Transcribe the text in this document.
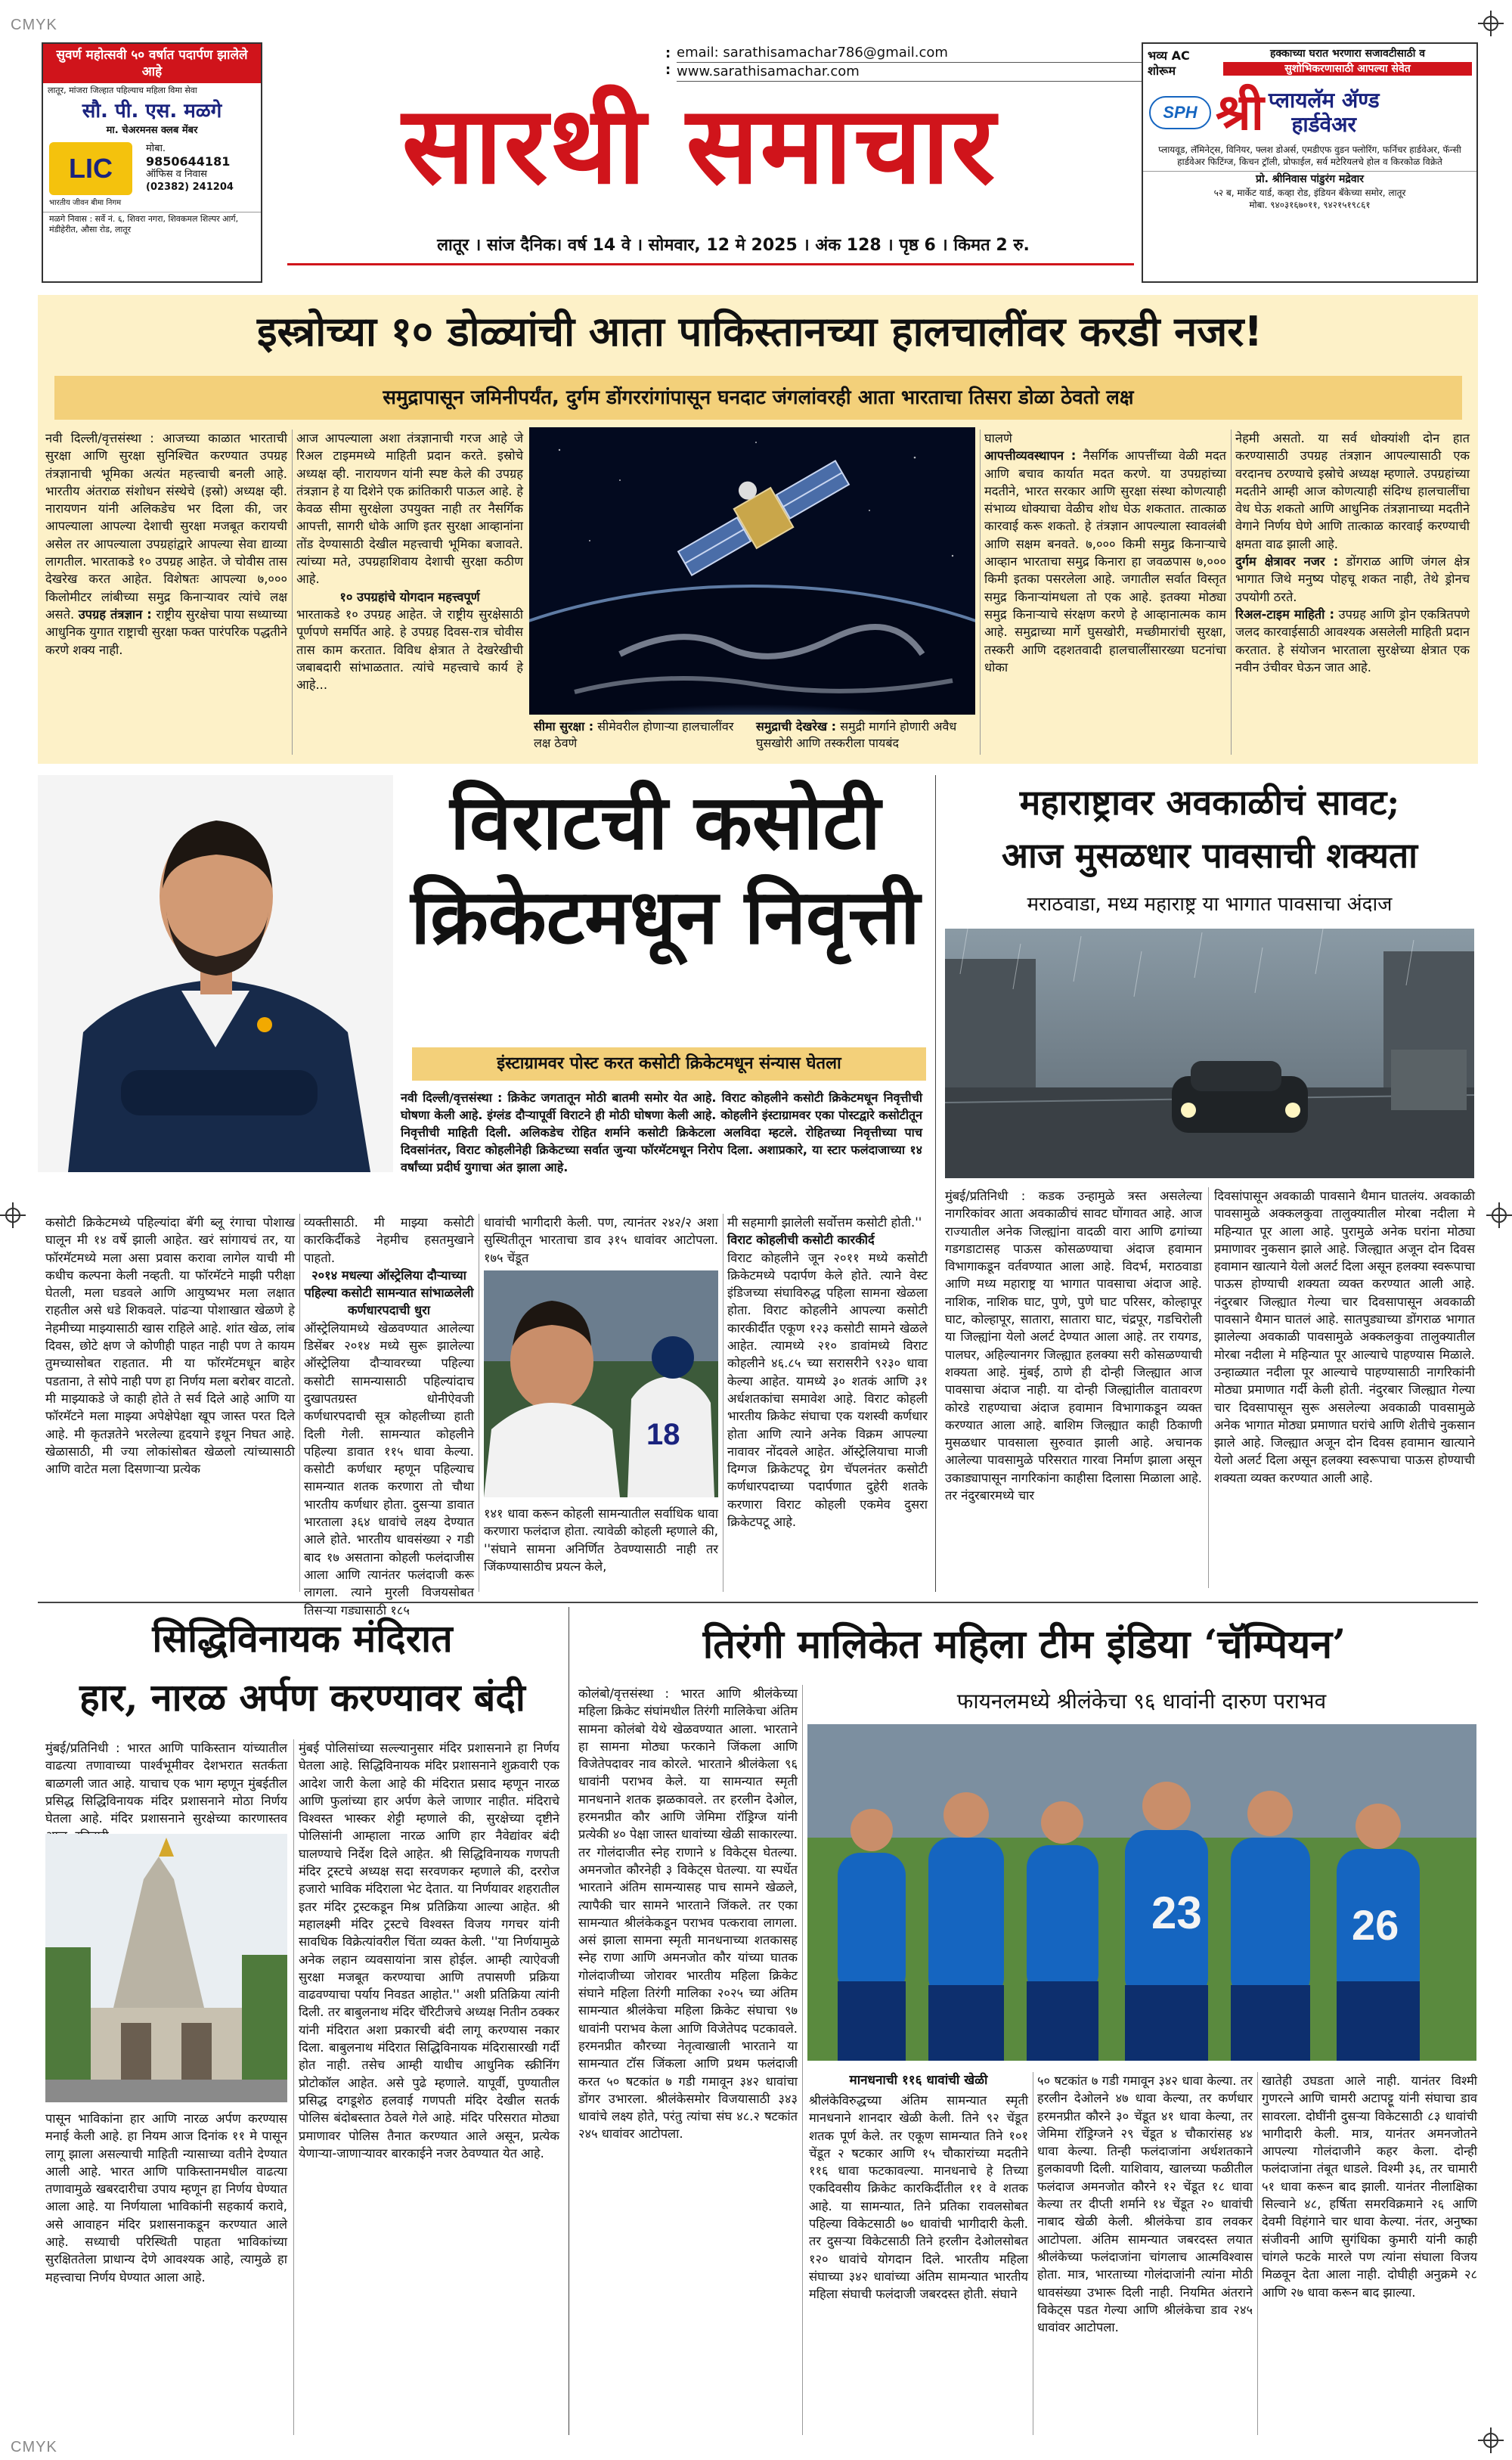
CMYK
CMYK
सुवर्ण महोत्सवी ५० वर्षात पदार्पण झालेले आहे
लातूर, मांजरा जिल्हात पहिल्याच महिला विमा सेवा
सौ. पी. एस. मळगे
मा. चेअरमनस क्लब मेंबर
LIC
भारतीय जीवन बीमा निगम
मोबा.
9850644181
ऑफिस व निवास
(02382) 241204
मळगे निवास : सर्वे नं. ६, शिवरा नगरा, शिवकमल शिल्पर आर्ग, मंडीहेरीत, औसा रोड, लातूर
email: sarathisamachar786@gmail.com
www.sarathisamachar.com
:
:
सारथी समाचार
लातूर । सांज दैनिक। वर्ष 14 वे । सोमवार, 12 मे 2025 । अंक 128 । पृष्ठ 6 । किमत 2 रु.
भव्य AC शोरूम
हक्काच्या घरात भरणारा सजावटीसाठी व
सुशोभिकरणासाठी आपल्या सेवेत
SPH श्री प्लायलॅम ॲण्ड
हार्डवेअर
प्लायवूड, लॅमिनेट्स, विनियर, फ्लश डोअर्स, एमडीएफ वुडन फ्लोरिंग, फर्निचर हार्डवेअर, फॅन्सी हार्डवेअर फिटिंग्ज, किचन ट्रॉली, प्रोफाईल, सर्व मटेरियलचे होल व किरकोळ विक्रेते
प्रो. श्रीनिवास पांडुरंग मद्रेवार
५२ ब, मार्केट यार्ड, कव्हा रोड, इंडियन बँकेच्या समोर, लातूर
मोबा. ९४०३१६७०११, ९४२१५१९८६१
इस्त्रोच्या १० डोळ्यांची आता पाकिस्तानच्या हालचालींवर करडी नजर!
समुद्रापासून जमिनीपर्यंत, दुर्गम डोंगररांगांपासून घनदाट जंगलांवरही आता भारताचा तिसरा डोळा ठेवतो लक्ष
नवी दिल्ली/वृत्तसंस्था : आजच्या काळात भारताची सुरक्षा आणि सुरक्षा सुनिश्चित करण्यात उपग्रह तंत्रज्ञानाची भूमिका अत्यंत महत्त्वाची बनली आहे. भारतीय अंतराळ संशोधन संस्थेचे (इस्रो) अध्यक्ष व्ही. नारायणन यांनी अलिकडेच भर दिला की, जर आपल्याला आपल्या देशाची सुरक्षा मजबूत करायची असेल तर आपल्याला उपग्रहांद्वारे आपल्या सेवा द्याव्या लागतील. भारताकडे १० उपग्रह आहेत. जे चोवीस तास देखरेख करत आहेत. विशेषतः आपल्या ७,००० किलोमीटर लांबीच्या समुद्र किनाऱ्यावर त्यांचे लक्ष असते. उपग्रह तंत्रज्ञान : राष्ट्रीय सुरक्षेचा पाया सध्याच्या आधुनिक युगात राष्ट्राची सुरक्षा फक्त पारंपरिक पद्धतीने करणे शक्य नाही.
आज आपल्याला अशा तंत्रज्ञानाची गरज आहे जे रिअल टाइममध्ये माहिती प्रदान करते. इस्रोचे अध्यक्ष व्ही. नारायणन यांनी स्पष्ट केले की उपग्रह तंत्रज्ञान हे या दिशेने एक क्रांतिकारी पाऊल आहे. हे केवळ सीमा सुरक्षेला उपयुक्त नाही तर नैसर्गिक आपत्ती, सागरी धोके आणि इतर सुरक्षा आव्हानांना तोंड देण्यासाठी देखील महत्त्वाची भूमिका बजावते. त्यांच्या मते, उपग्रहाशिवाय देशाची सुरक्षा कठीण आहे.

१० उपग्रहांचे योगदान महत्त्वपूर्ण
भारताकडे १० उपग्रह आहेत. जे राष्ट्रीय सुरक्षेसाठी पूर्णपणे समर्पित आहे. हे उपग्रह दिवस-रात्र चोवीस तास काम करतात. विविध क्षेत्रात ते देखरेखीची जबाबदारी सांभाळतात. त्यांचे महत्त्वाचे कार्य हे आहे...
सीमा सुरक्षा : सीमेवरील होणाऱ्या हालचालींवर लक्ष ठेवणे
समुद्राची देखरेख : समुद्री मार्गाने होणारी अवैध घुसखोरी आणि तस्करीला पायबंद
घालणे
आपत्तीव्यवस्थापन : नैसर्गिक आपत्तींच्या वेळी मदत आणि बचाव कार्यात मदत करणे. या उपग्रहांच्या मदतीने, भारत सरकार आणि सुरक्षा संस्था कोणत्याही संभाव्य धोक्याचा वेळीच शोध घेऊ शकतात. तात्काळ कारवाई करू शकतो. हे तंत्रज्ञान आपल्याला स्वावलंबी आणि सक्षम बनवते. ७,००० किमी समुद्र किनाऱ्याचे आव्हान भारताचा समुद्र किनारा हा जवळपास ७,००० किमी इतका पसरलेला आहे. जगातील सर्वात विस्तृत समुद्र किनाऱ्यांमधला तो एक आहे. इतक्या मोठ्या समुद्र किनाऱ्याचे संरक्षण करणे हे आव्हानात्मक काम आहे. समुद्राच्या मार्गे घुसखोरी, मच्छीमारांची सुरक्षा, तस्करी आणि दहशतवादी हालचालींसारख्या घटनांचा धोका
नेहमी असतो. या सर्व धोक्यांशी दोन हात करण्यासाठी उपग्रह तंत्रज्ञान आपल्यासाठी एक वरदानच ठरण्याचे इस्रोचे अध्यक्ष म्हणाले. उपग्रहांच्या मदतीने आम्ही आज कोणत्याही संदिग्ध हालचालींचा वेध घेऊ शकतो आणि आधुनिक तंत्रज्ञानाच्या मदतीने वेगाने निर्णय घेणे आणि तात्काळ कारवाई करण्याची क्षमता वाढ झाली आहे.
दुर्गम क्षेत्रावर नजर : डोंगराळ आणि जंगल क्षेत्र भागात जिथे मनुष्य पोहचू शकत नाही, तेथे ड्रोनच उपयोगी ठरते.
रिअल-टाइम माहिती : उपग्रह आणि ड्रोन एकत्रितपणे जलद कारवाईसाठी आवश्यक असलेली माहिती प्रदान करतात. हे संयोजन भारताला सुरक्षेच्या क्षेत्रात एक नवीन उंचीवर घेऊन जात आहे.
विराटची कसोटी
क्रिकेटमधून निवृत्ती
इंस्टाग्रामवर पोस्ट करत कसोटी क्रिकेटमधून संन्यास घेतला
नवी दिल्ली/वृत्तसंस्था : क्रिकेट जगतातून मोठी बातमी समोर येत आहे. विराट कोहलीने कसोटी क्रिकेटमधून निवृत्तीची घोषणा केली आहे. इंग्लंड दौऱ्यापूर्वी विराटने ही मोठी घोषणा केली आहे. कोहलीने इंस्टाग्रामवर एका पोस्टद्वारे कसोटीतून निवृत्तीची माहिती दिली. अलिकडेच रोहित शर्माने कसोटी क्रिकेटला अलविदा म्हटले. रोहितच्या निवृत्तीच्या पाच दिवसांनंतर, विराट कोहलीनेही क्रिकेटच्या सर्वात जुन्या फॉरमॅटमधून निरोप दिला. अशाप्रकारे, या स्टार फलंदाजाच्या १४ वर्षांच्या प्रदीर्घ युगाचा अंत झाला आहे.
कसोटी क्रिकेटमध्ये पहिल्यांदा बॅगी ब्लू रंगाचा पोशाख घालून मी १४ वर्षे झाली आहेत. खरं सांगायचं तर, या फॉरमॅटमध्ये मला असा प्रवास करावा लागेल याची मी कधीच कल्पना केली नव्हती. या फॉरमॅटने माझी परीक्षा घेतली, मला घडवले आणि आयुष्यभर मला लक्षात राहतील असे धडे शिकवले. पांढऱ्या पोशाखात खेळणे हे नेहमीच्या माझ्यासाठी खास राहिले आहे. शांत खेळ, लांब दिवस, छोटे क्षण जे कोणीही पाहत नाही पण ते कायम तुमच्यासोबत राहतात. मी या फॉरमॅटमधून बाहेर पडताना, ते सोपे नाही पण हा निर्णय मला बरोबर वाटतो. मी माझ्याकडे जे काही होते ते सर्व दिले आहे आणि या फॉरमॅटने मला माझ्या अपेक्षेपेक्षा खूप जास्त परत दिले आहे. मी कृतज्ञतेने भरलेल्या हृदयाने इथून निघत आहे. खेळासाठी, मी ज्या लोकांसोबत खेळलो त्यांच्यासाठी आणि वाटेत मला दिसणाऱ्या प्रत्येक
व्यक्तीसाठी. मी माझ्या कसोटी कारकिर्दीकडे नेहमीच हसतमुखाने पाहतो.

२०१४ मधल्या ऑस्ट्रेलिया दौऱ्याच्या पहिल्या कसोटी सामन्यात सांभाळलेली कर्णधारपदाची धुरा
ऑस्ट्रेलियामध्ये खेळवण्यात आलेल्या डिसेंबर २०१४ मध्ये सुरू झालेल्या ऑस्ट्रेलिया दौऱ्यावरच्या पहिल्या कसोटी सामन्यासाठी पहिल्यांदाच दुखापतग्रस्त धोनीऐवजी कर्णधारपदाची सूत्र कोहलीच्या हाती दिली गेली. सामन्यात कोहलीने पहिल्या डावात ११५ धावा केल्या. कसोटी कर्णधार म्हणून पहिल्याच सामन्यात शतक करणारा तो चौथा भारतीय कर्णधार होता. दुसऱ्या डावात भारताला ३६४ धावांचे लक्ष्य देण्यात आले होते. भारतीय धावसंख्या २ गडी बाद १७ असताना कोहली फलंदाजीस आला आणि त्यानंतर फलंदाजी करू लागला. त्याने मुरली विजयसोबत तिसऱ्या गड्यासाठी १८५
धावांची भागीदारी केली. पण, त्यानंतर २४२/२ अशा सुस्थितीतून भारताचा डाव ३१५ धावांवर आटोपला. १७५ चेंडूत
18
१४१ धावा करून कोहली सामन्यातील सर्वाधिक धावा करणारा फलंदाज होता. त्यावेळी कोहली म्हणाले की, ''संघाने सामना अनिर्णित ठेवण्यासाठी नाही तर जिंकण्यासाठीच प्रयत्न केले,
मी सहमागी झालेली सर्वोत्तम कसोटी होती.''
विराट कोहलीची कसोटी कारकीर्द
विराट कोहलीने जून २०११ मध्ये कसोटी क्रिकेटमध्ये पदार्पण केले होते. त्याने वेस्ट इंडिजच्या संघाविरुद्ध पहिला सामना खेळला होता. विराट कोहलीने आपल्या कसोटी कारकीर्दीत एकूण १२३ कसोटी सामने खेळले आहेत. त्यामध्ये २१० डावांमध्ये विराट कोहलीने ४६.८५ च्या सरासरीने ९२३० धावा केल्या आहेत. यामध्ये ३० शतकं आणि ३१ अर्धशतकांचा समावेश आहे. विराट कोहली भारतीय क्रिकेट संघाचा एक यशस्वी कर्णधार होता आणि त्याने अनेक विक्रम आपल्या नावावर नोंदवले आहेत. ऑस्ट्रेलियाचा माजी दिग्गज क्रिकेटपटू ग्रेग चॅपलनंतर कसोटी कर्णधारपदाच्या पदार्पणात दुहेरी शतके करणारा विराट कोहली एकमेव दुसरा क्रिकेटपटू आहे.
महाराष्ट्रावर अवकाळीचं सावट;
आज मुसळधार पावसाची शक्यता
मराठवाडा, मध्य महाराष्ट्र या भागात पावसाचा अंदाज
मुंबई/प्रतिनिधी : कडक उन्हामुळे त्रस्त असलेल्या नागरिकांवर आता अवकाळीचं सावट घोंगावत आहे. आज राज्यातील अनेक जिल्ह्यांना वादळी वारा आणि ढगांच्या गडगडाटासह पाऊस कोसळण्याचा अंदाज हवामान विभागाकडून वर्तवण्यात आला आहे. विदर्भ, मराठवाडा आणि मध्य महाराष्ट्र या भागात पावसाचा अंदाज आहे. नाशिक, नाशिक घाट, पुणे, पुणे घाट परिसर, कोल्हापूर घाट, कोल्हापूर, सातारा, सातारा घाट, चंद्रपूर, गडचिरोली या जिल्ह्यांना येलो अलर्ट देण्यात आला आहे. तर रायगड, पालघर, अहिल्यानगर जिल्ह्यात हलक्या सरी कोसळण्याची शक्यता आहे. मुंबई, ठाणे ही दोन्ही जिल्ह्यात आज पावसाचा अंदाज नाही. या दोन्ही जिल्ह्यांतील वातावरण कोरडे राहण्याचा अंदाज हवामान विभागाकडून व्यक्त करण्यात आला आहे. बाशिम जिल्ह्यात काही ठिकाणी मुसळधार पावसाला सुरुवात झाली आहे. अचानक आलेल्या पावसामुळे परिसरात गारवा निर्माण झाला असून उकाड्यापासून नागरिकांना काहीसा दिलासा मिळाला आहे. तर नंदुरबारमध्ये चार
दिवसांपासून अवकाळी पावसाने थैमान घातलंय. अवकाळी पावसामुळे अक्कलकुवा तालुक्यातील मोरबा नदीला मे महिन्यात पूर आला आहे. पुरामुळे अनेक घरांना मोठ्या प्रमाणावर नुकसान झाले आहे. जिल्ह्यात अजून दोन दिवस हवामान खात्याने येलो अलर्ट दिला असून हलक्या स्वरूपाचा पाऊस होण्याची शक्यता व्यक्त करण्यात आली आहे. नंदुरबार जिल्ह्यात गेल्या चार दिवसापासून अवकाळी पावसाने थैमान घातलं आहे. सातपुड्याच्या डोंगराळ भागात झालेल्या अवकाळी पावसामुळे अक्कलकुवा तालुक्यातील मोरबा नदीला मे महिन्यात पूर आल्याचे पाहण्यास मिळाले. उन्हाळ्यात नदीला पूर आल्याचे पाहण्यासाठी नागरिकांनी मोठ्या प्रमाणात गर्दी केली होती. नंदुरबार जिल्ह्यात गेल्या चार दिवसापासून सुरू असलेल्या अवकाळी पावसामुळे अनेक भागात मोठ्या प्रमाणात घरांचे आणि शेतीचे नुकसान झाले आहे. जिल्ह्यात अजून दोन दिवस हवामान खात्याने येलो अलर्ट दिला असून हलक्या स्वरूपाचा पाऊस होण्याची शक्यता व्यक्त करण्यात आली आहे.
सिद्धिविनायक मंदिरात
हार, नारळ अर्पण करण्यावर बंदी
मुंबई/प्रतिनिधी : भारत आणि पाकिस्तान यांच्यातील वाढत्या तणावाच्या पार्श्वभूमीवर देशभरात सतर्कता बाळगली जात आहे. याचाच एक भाग म्हणून मुंबईतील प्रसिद्ध सिद्धिविनायक मंदिर प्रशासनाने मोठा निर्णय घेतला आहे. मंदिर प्रशासनाने सुरक्षेच्या कारणास्तव
पासून भाविकांना हार आणि नारळ अर्पण करण्यास मनाई केली आहे. हा नियम आज दिनांक ११ मे पासून लागू झाला असल्याची माहिती न्यासाच्या वतीने देण्यात आली आहे. भारत आणि पाकिस्तानमधील वाढत्या तणावामुळे खबरदारीचा उपाय म्हणून हा निर्णय घेण्यात आला आहे. या निर्णयाला भाविकांनी सहकार्य करावे, असे आवाहन मंदिर प्रशासनाकडून करण्यात आले आहे. सध्याची परिस्थिती पाहता भाविकांच्या सुरक्षिततेला प्राधान्य देणे आवश्यक आहे, त्यामुळे हा महत्त्वाचा निर्णय घेण्यात आला आहे.
मुंबई पोलिसांच्या सल्ल्यानुसार मंदिर प्रशासनाने हा निर्णय घेतला आहे. सिद्धिविनायक मंदिर प्रशासनाने शुक्रवारी एक आदेश जारी केला आहे की मंदिरात प्रसाद म्हणून नारळ आणि फुलांच्या हार अर्पण केले जाणार नाहीत. मंदिराचे विश्वस्त भास्कर शेट्टी म्हणाले की, सुरक्षेच्या दृष्टीने पोलिसांनी आम्हाला नारळ आणि हार नैवेद्यांवर बंदी घालण्याचे निर्देश दिले आहेत. श्री सिद्धिविनायक गणपती मंदिर ट्रस्टचे अध्यक्ष सदा सरवणकर म्हणाले की, दररोज हजारो भाविक मंदिराला भेट देतात. या निर्णयावर शहरातील इतर मंदिर ट्रस्टकडून मिश्र प्रतिक्रिया आल्या आहेत. श्री महालक्ष्मी मंदिर ट्रस्टचे विश्वस्त विजय गगचर यांनी सावधिक विक्रेत्यांवरील चिंता व्यक्त केली. ''या निर्णयामुळे अनेक लहान व्यवसायांना त्रास होईल. आम्ही त्याऐवजी सुरक्षा मजबूत करण्याचा आणि तपासणी प्रक्रिया वाढवण्याचा पर्याय निवडत आहोत.'' अशी प्रतिक्रिया त्यांनी दिली. तर बाबुलनाथ मंदिर चॅरिटीजचे अध्यक्ष नितीन ठक्कर यांनी मंदिरात अशा प्रकारची बंदी लागू करण्यास नकार दिला. बाबुलनाथ मंदिरात सिद्धिविनायक मंदिरासारखी गर्दी होत नाही. तसेच आम्ही याधीच आधुनिक स्क्रीनिंग प्रोटोकॉल आहेत. असे पुढे म्हणाले. यापूर्वी, पुण्यातील प्रसिद्ध दगडूशेठ हलवाई गणपती मंदिर देखील सतर्क पोलिस बंदोबस्तात ठेवले गेले आहे. मंदिर परिसरात मोठ्या प्रमाणावर पोलिस तैनात करण्यात आले असून, प्रत्येक येणाऱ्या-जाणाऱ्यावर बारकाईने नजर ठेवण्यात येत आहे.
तिरंगी मालिकेत महिला टीम इंडिया ‘चॅम्पियन’
कोलंबो/वृत्तसंस्था : भारत आणि श्रीलंकेच्या महिला क्रिकेट संघांमधील तिरंगी मालिकेचा अंतिम सामना कोलंबो येथे खेळवण्यात आला. भारताने हा सामना मोठ्या फरकाने जिंकला आणि विजेतेपदावर नाव कोरले. भारताने श्रीलंकेला ९६ धावांनी पराभव केले. या सामन्यात स्मृती मानधनाने शतक झळकावले. तर हरलीन देओल, हरमनप्रीत कौर आणि जेमिमा रॉड्रिग्ज यांनी प्रत्येकी ४० पेक्षा जास्त धावांच्या खेळी साकारल्या. तर गोलंदाजीत स्नेह राणाने ४ विकेट्स घेतल्या. अमनजोत कौरनेही ३ विकेट्स घेतल्या. या स्पर्धेत भारताने अंतिम सामन्यासह पाच सामने खेळले, त्यापैकी चार सामने भारताने जिंकले. तर एका सामन्यात श्रीलंकेकडून पराभव पत्करावा लागला. असं झाला सामना स्मृती मानधनाच्या शतकासह स्नेह राणा आणि अमनजोत कौर यांच्या घातक गोलंदाजीच्या जोरावर भारतीय महिला क्रिकेट संघाने महिला तिरंगी मालिका २०२५ च्या अंतिम सामन्यात श्रीलंकेचा महिला क्रिकेट संघाचा ९७ धावांनी पराभव केला आणि विजेतेपद पटकावले. हरमनप्रीत कौरच्या नेतृत्वाखाली भारताने या सामन्यात टॉस जिंकला आणि प्रथम फलंदाजी करत ५० षटकांत ७ गडी गमावून ३४२ धावांचा डोंगर उभारला. श्रीलंकेसमोर विजयासाठी ३४३ धावांचे लक्ष्य होते, परंतु त्यांचा संघ ४८.२ षटकांत २४५ धावांवर आटोपला.
फायनलमध्ये श्रीलंकेचा ९६ धावांनी दारुण पराभव
23	26
मानधनाची ११६ धावांची खेळी
श्रीलंकेविरुद्धच्या अंतिम सामन्यात स्मृती मानधनाने शानदार खेळी केली. तिने ९२ चेंडूत शतक पूर्ण केले. तर एकूण सामन्यात तिने १०१ चेंडूत २ षटकार आणि १५ चौकारांच्या मदतीने ११६ धावा फटकावल्या. मानधनाचे हे तिच्या एकदिवसीय क्रिकेट कारकिर्दीतील ११ वे शतक आहे. या सामन्यात, तिने प्रतिका रावलसोबत पहिल्या विकेटसाठी ७० धावांची भागीदारी केली. तर दुसऱ्या विकेटसाठी तिने हरलीन देओलसोबत १२० धावांचे योगदान दिले. भारतीय महिला संघाच्या ३४२ धावांच्या अंतिम सामन्यात भारतीय महिला संघाची फलंदाजी जबरदस्त होती. संघाने
५० षटकांत ७ गडी गमावून ३४२ धावा केल्या. तर हरलीन देओलने ४७ धावा केल्या, तर कर्णधार हरमनप्रीत कौरने ३० चेंडूत ४१ धावा केल्या, तर जेमिमा रॉड्रिग्जने २९ चेंडूत ४ चौकारांसह ४४ धावा केल्या. तिन्ही फलंदाजांना अर्धशतकाने हुलकावणी दिली. याशिवाय, खालच्या फळीतील फलंदाज अमनजोत कौरने १२ चेंडूत १८ धावा केल्या तर दीप्ती शर्माने १४ चेंडूत २० धावांची नाबाद खेळी केली. श्रीलंकेचा डाव लवकर आटोपला. अंतिम सामन्यात जबरदस्त लयात श्रीलंकेच्या फलंदाजांना चांगलाच आत्मविश्वास होता. मात्र, भारताच्या गोलंदाजांनी त्यांना मोठी धावसंख्या उभारू दिली नाही. नियमित अंतराने विकेट्स पडत गेल्या आणि श्रीलंकेचा डाव २४५ धावांवर आटोपला.
खातेही उघडता आले नाही. यानंतर विश्मी गुणरत्ने आणि चामरी अटापट्टू यांनी संघाचा डाव सावरला. दोघींनी दुसऱ्या विकेटसाठी ८३ धावांची भागीदारी केली. मात्र, यानंतर अमनजोतने आपल्या गोलंदाजीने कहर केला. दोन्ही फलंदाजांना तंबूत धाडले. विश्मी ३६, तर चामारी ५१ धावा करून बाद झाली. यानंतर नीलाक्षिका सिल्वाने ४८, हर्षिता समरविक्रमाने २६ आणि देवमी विहंगाने चार धावा केल्या. नंतर, अनुष्का संजीवनी आणि सुगंधिका कुमारी यांनी काही चांगले फटके मारले पण त्यांना संघाला विजय मिळवून देता आला नाही. दोघीही अनुक्रमे २८ आणि २७ धावा करून बाद झाल्या.
